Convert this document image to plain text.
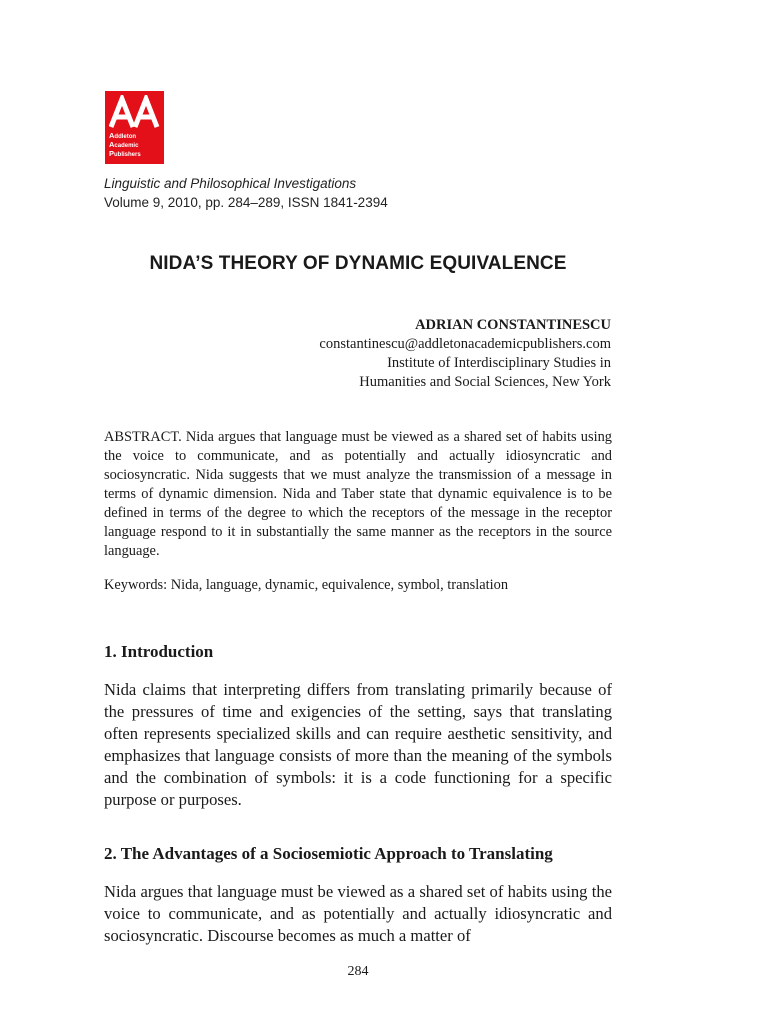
Addleton
Academic
Publishers
Linguistic and Philosophical Investigations
Volume 9, 2010, pp. 284–289, ISSN 1841-2394
NIDA’S THEORY OF DYNAMIC EQUIVALENCE
ADRIAN CONSTANTINESCU
constantinescu@addletonacademicpublishers.com
Institute of Interdisciplinary Studies in
Humanities and Social Sciences, New York
ABSTRACT. Nida argues that language must be viewed as a shared set of habits using the voice to communicate, and as potentially and actually idiosyncratic and sociosyncratic. Nida suggests that we must analyze the transmission of a message in terms of dynamic dimension. Nida and Taber state that dynamic equivalence is to be defined in terms of the degree to which the receptors of the message in the receptor language respond to it in substantially the same manner as the receptors in the source language.
Keywords: Nida, language, dynamic, equivalence, symbol, translation
1. Introduction
Nida claims that interpreting differs from translating primarily because of the pressures of time and exigencies of the setting, says that translating often represents specialized skills and can require aesthetic sensitivity, and emphasizes that language consists of more than the meaning of the symbols and the combination of symbols: it is a code functioning for a specific purpose or purposes.
2. The Advantages of a Sociosemiotic Approach to Translating
Nida argues that language must be viewed as a shared set of habits using the voice to communicate, and as potentially and actually idiosyncratic and sociosyncratic. Discourse becomes as much a matter of
284
